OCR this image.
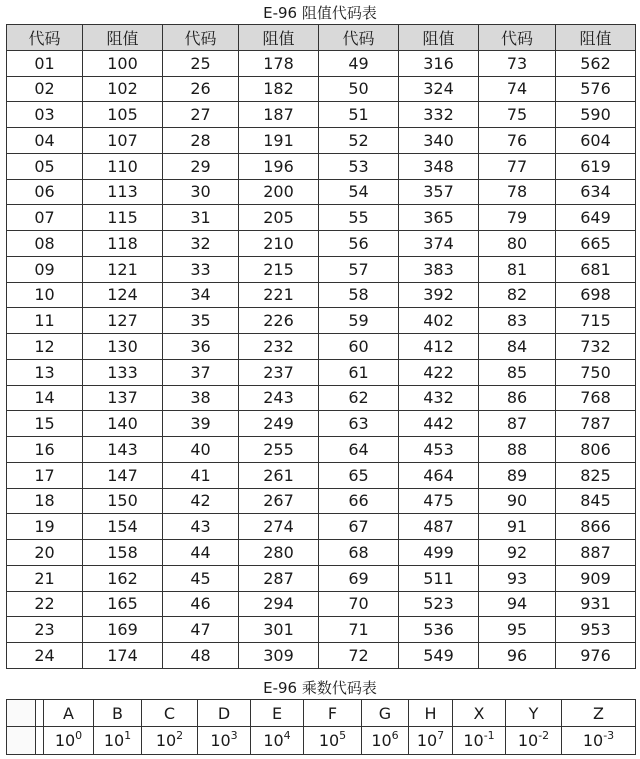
E-96 阻值代码表
代码	阻值	代码	阻值	代码	阻值	代码	阻值
01	100	25	178	49	316	73	562
02	102	26	182	50	324	74	576
03	105	27	187	51	332	75	590
04	107	28	191	52	340	76	604
05	110	29	196	53	348	77	619
06	113	30	200	54	357	78	634
07	115	31	205	55	365	79	649
08	118	32	210	56	374	80	665
09	121	33	215	57	383	81	681
10	124	34	221	58	392	82	698
11	127	35	226	59	402	83	715
12	130	36	232	60	412	84	732
13	133	37	237	61	422	85	750
14	137	38	243	62	432	86	768
15	140	39	249	63	442	87	787
16	143	40	255	64	453	88	806
17	147	41	261	65	464	89	825
18	150	42	267	66	475	90	845
19	154	43	274	67	487	91	866
20	158	44	280	68	499	92	887
21	162	45	287	69	511	93	909
22	165	46	294	70	523	94	931
23	169	47	301	71	536	95	953
24	174	48	309	72	549	96	976
E-96 乘数代码表
		A	B	C	D	E	F	G	H	X	Y	Z
		$10^0$	$10^1$	$10^2$	$10^3$	$10^4$	$10^5$	$10^6$	$10^7$	$10^{-1}$	$10^{-2}$	$10^{-3}$
